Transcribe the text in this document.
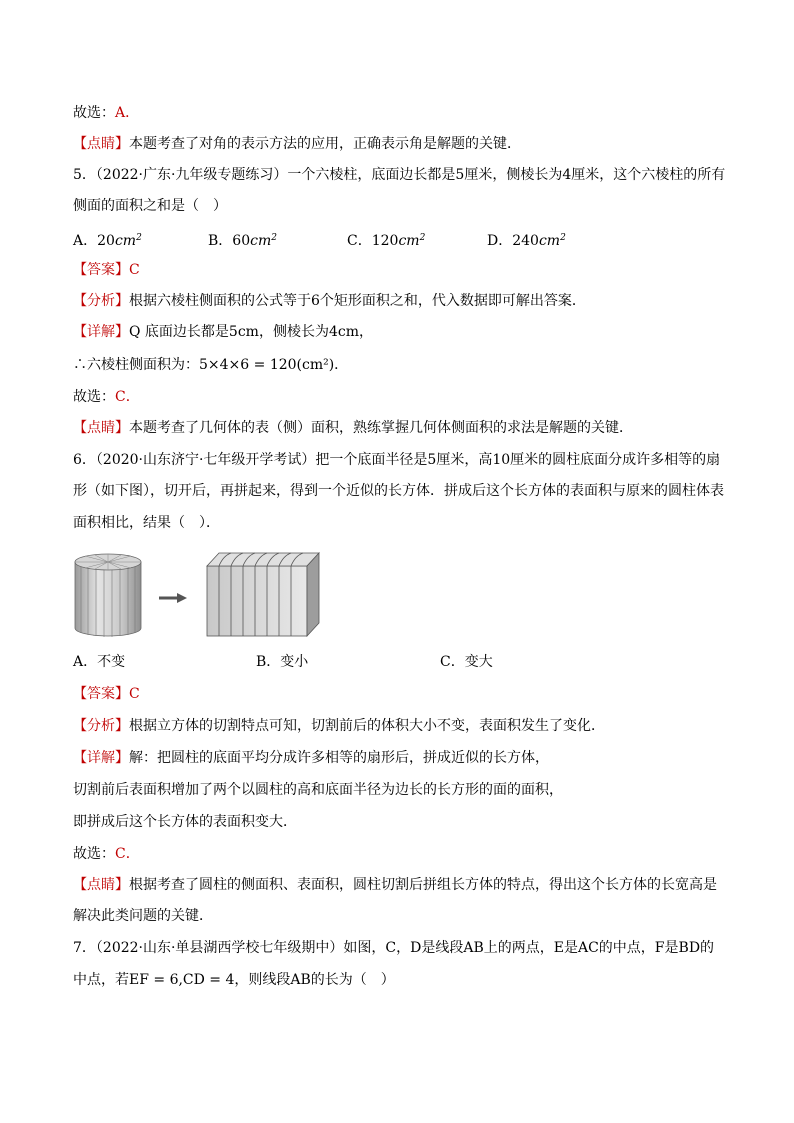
故选：A．
【点睛】本题考查了对角的表示方法的应用，正确表示角是解题的关键．
5．（2022·广东·九年级专题练习）一个六棱柱，底面边长都是5厘米，侧棱长为4厘米，这个六棱柱的所有
侧面的面积之和是（　）
A．$20cm^2$	B．$60cm^2$	C．$120cm^2$	D．$240cm^2$
【答案】C
【分析】根据六棱柱侧面积的公式等于6个矩形面积之和，代入数据即可解出答案．
【详解】Q 底面边长都是5cm，侧棱长为4cm，
∴六棱柱侧面积为：5×4×6 = 120(cm²)．
故选：C．
【点睛】本题考查了几何体的表（侧）面积，熟练掌握几何体侧面积的求法是解题的关键．
6．（2020·山东济宁·七年级开学考试）把一个底面半径是5厘米，高10厘米的圆柱底面分成许多相等的扇
形（如下图），切开后，再拼起来，得到一个近似的长方体．拼成后这个长方体的表面积与原来的圆柱体表
面积相比，结果（　）．
A．不变	B．变小	C．变大
【答案】C
【分析】根据立方体的切割特点可知，切割前后的体积大小不变，表面积发生了变化．
【详解】解：把圆柱的底面平均分成许多相等的扇形后，拼成近似的长方体，
切割前后表面积增加了两个以圆柱的高和底面半径为边长的长方形的面的面积，
即拼成后这个长方体的表面积变大．
故选：C．
【点睛】根据考查了圆柱的侧面积、表面积，圆柱切割后拼组长方体的特点，得出这个长方体的长宽高是
解决此类问题的关键．
7．（2022·山东·单县湖西学校七年级期中）如图，C，D是线段AB上的两点，E是AC的中点，F是BD的
中点，若EF = 6,CD = 4，则线段AB的长为（　）
